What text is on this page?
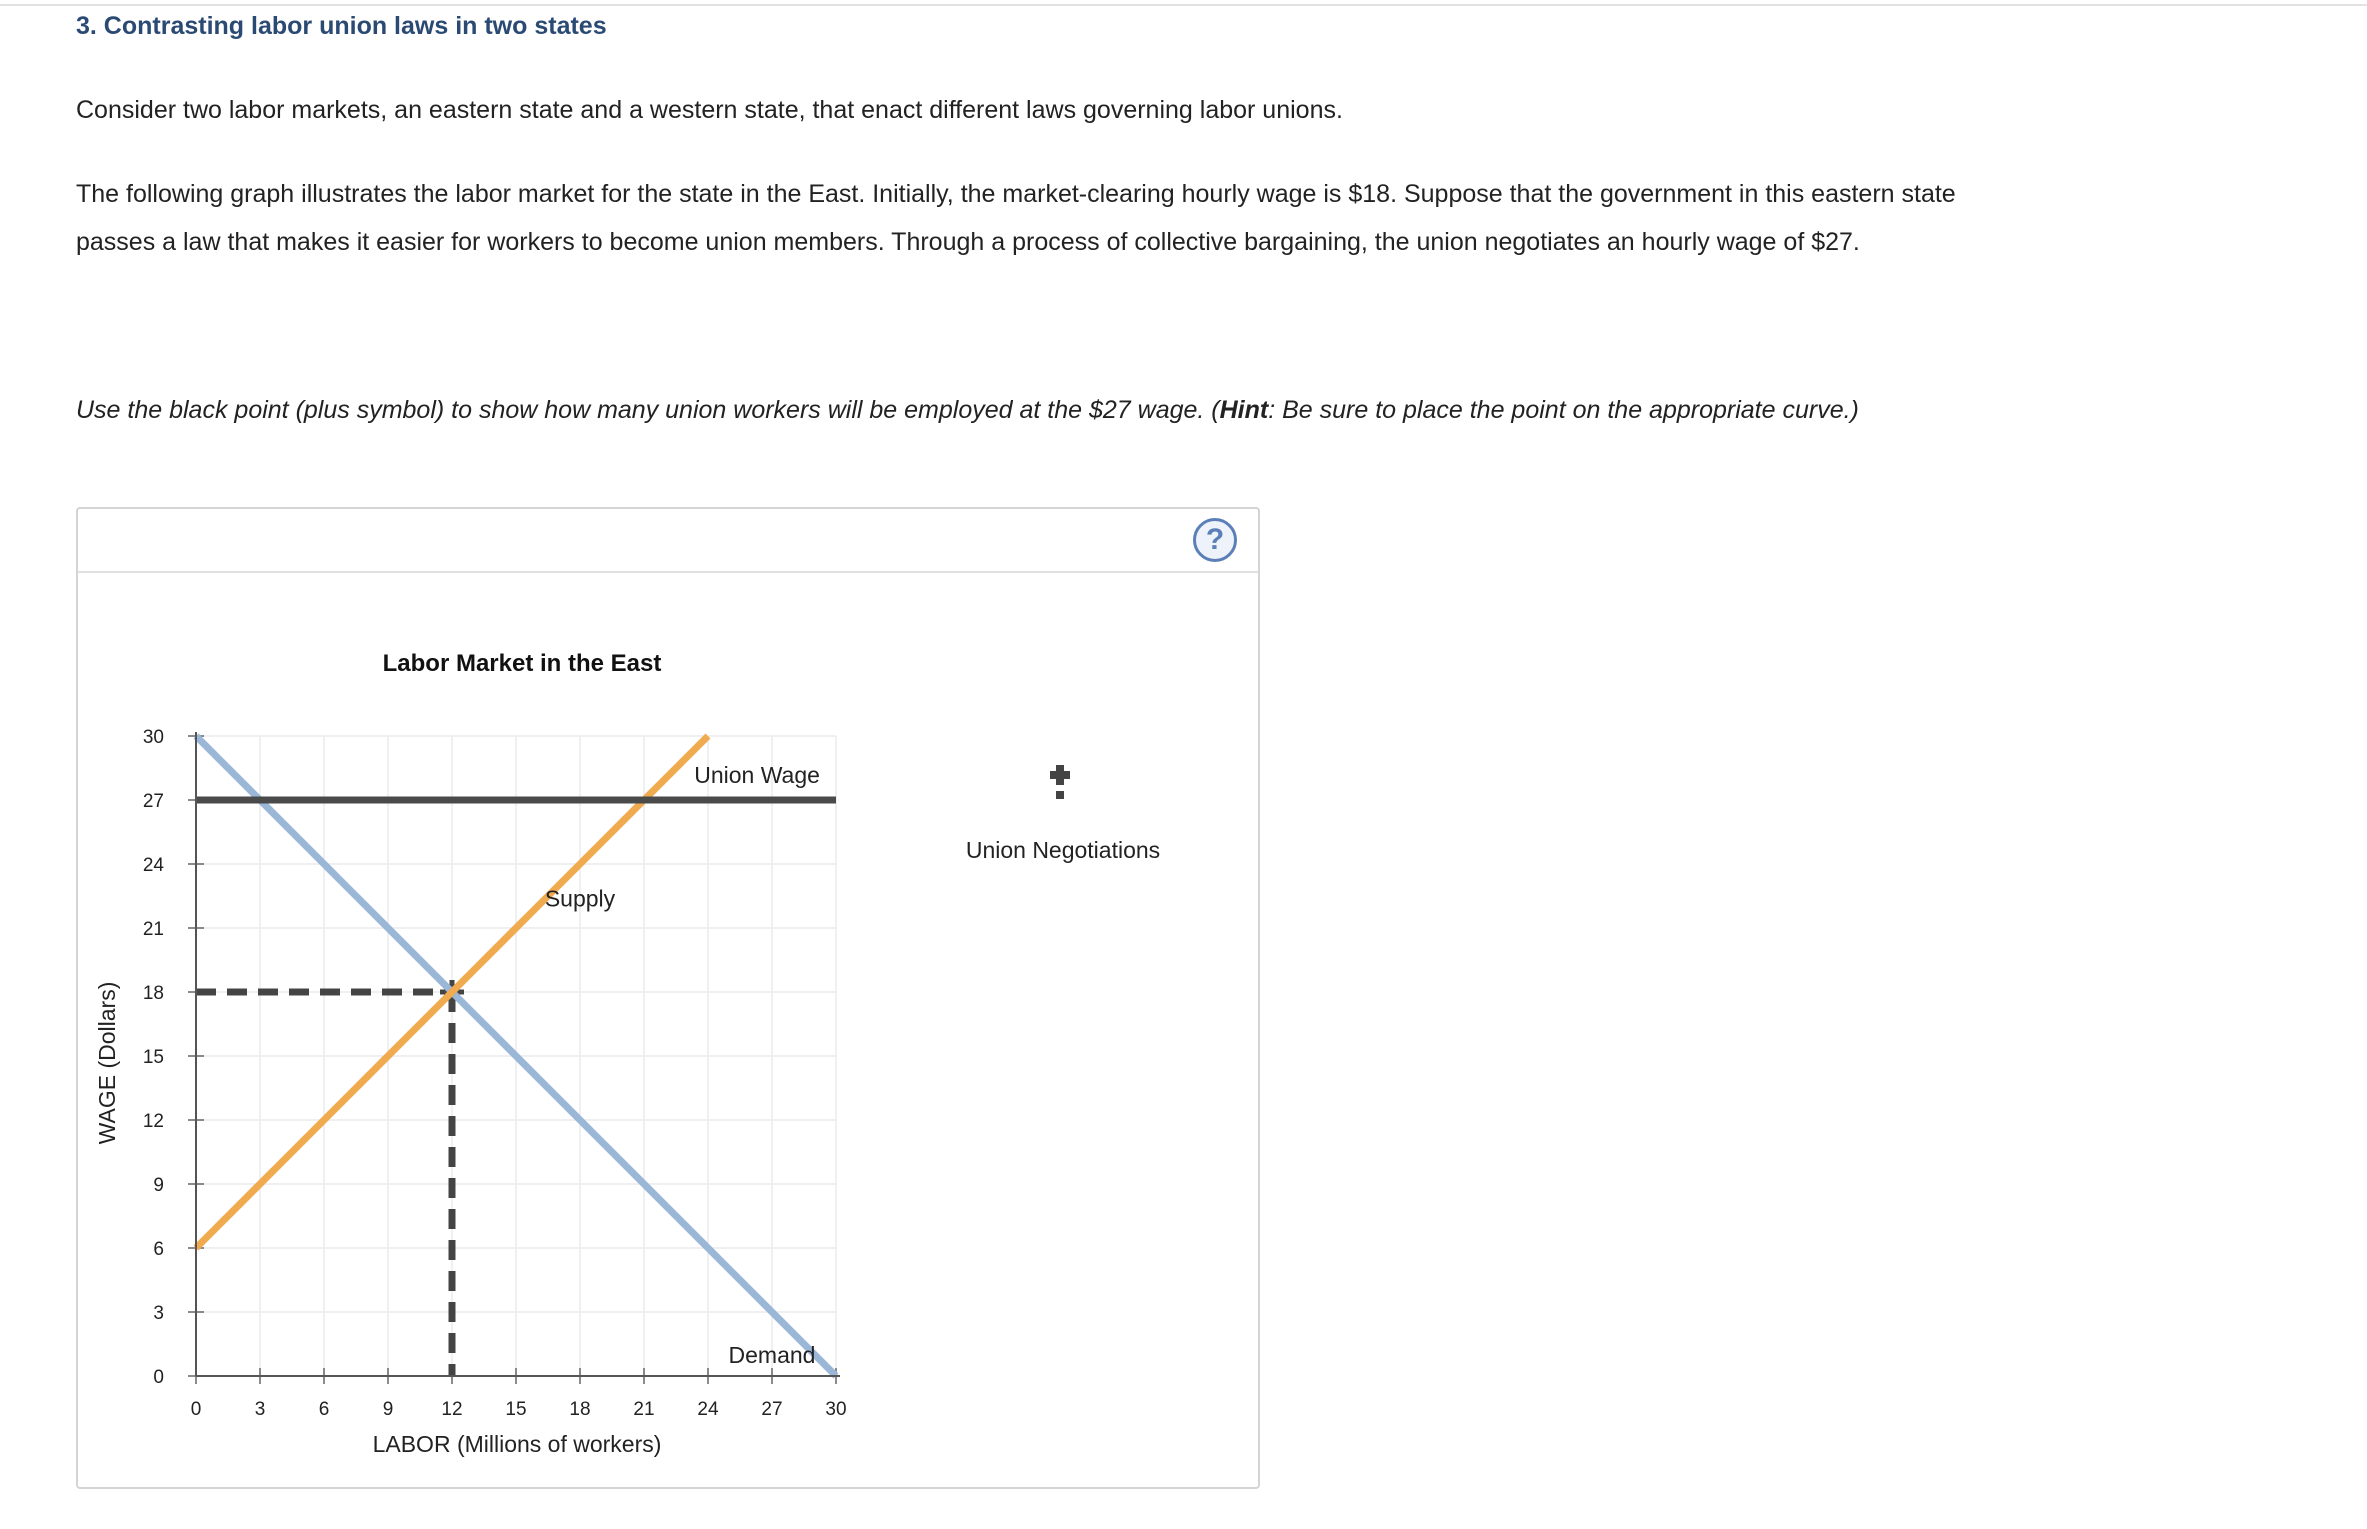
3. Contrasting labor union laws in two states
Consider two labor markets, an eastern state and a western state, that enact different laws governing labor unions.
The following graph illustrates the labor market for the state in the East. Initially, the market-clearing hourly wage is $18. Suppose that the government in this eastern state passes a law that makes it easier for workers to become union members. Through a process of collective bargaining, the union negotiates an hourly wage of $27.
Use the black point (plus symbol) to show how many union workers will be employed at the $27 wage. (Hint: Be sure to place the point on the appropriate curve.)
?
0	3	6	9	12 15 18 21 24 27 30
0
3
6
9
12
15
18
21
24
27
30
Union Wage
Supply
Demand
Labor Market in the East
LABOR (Millions of workers)
WAGE (Dollars)
Union Negotiations
